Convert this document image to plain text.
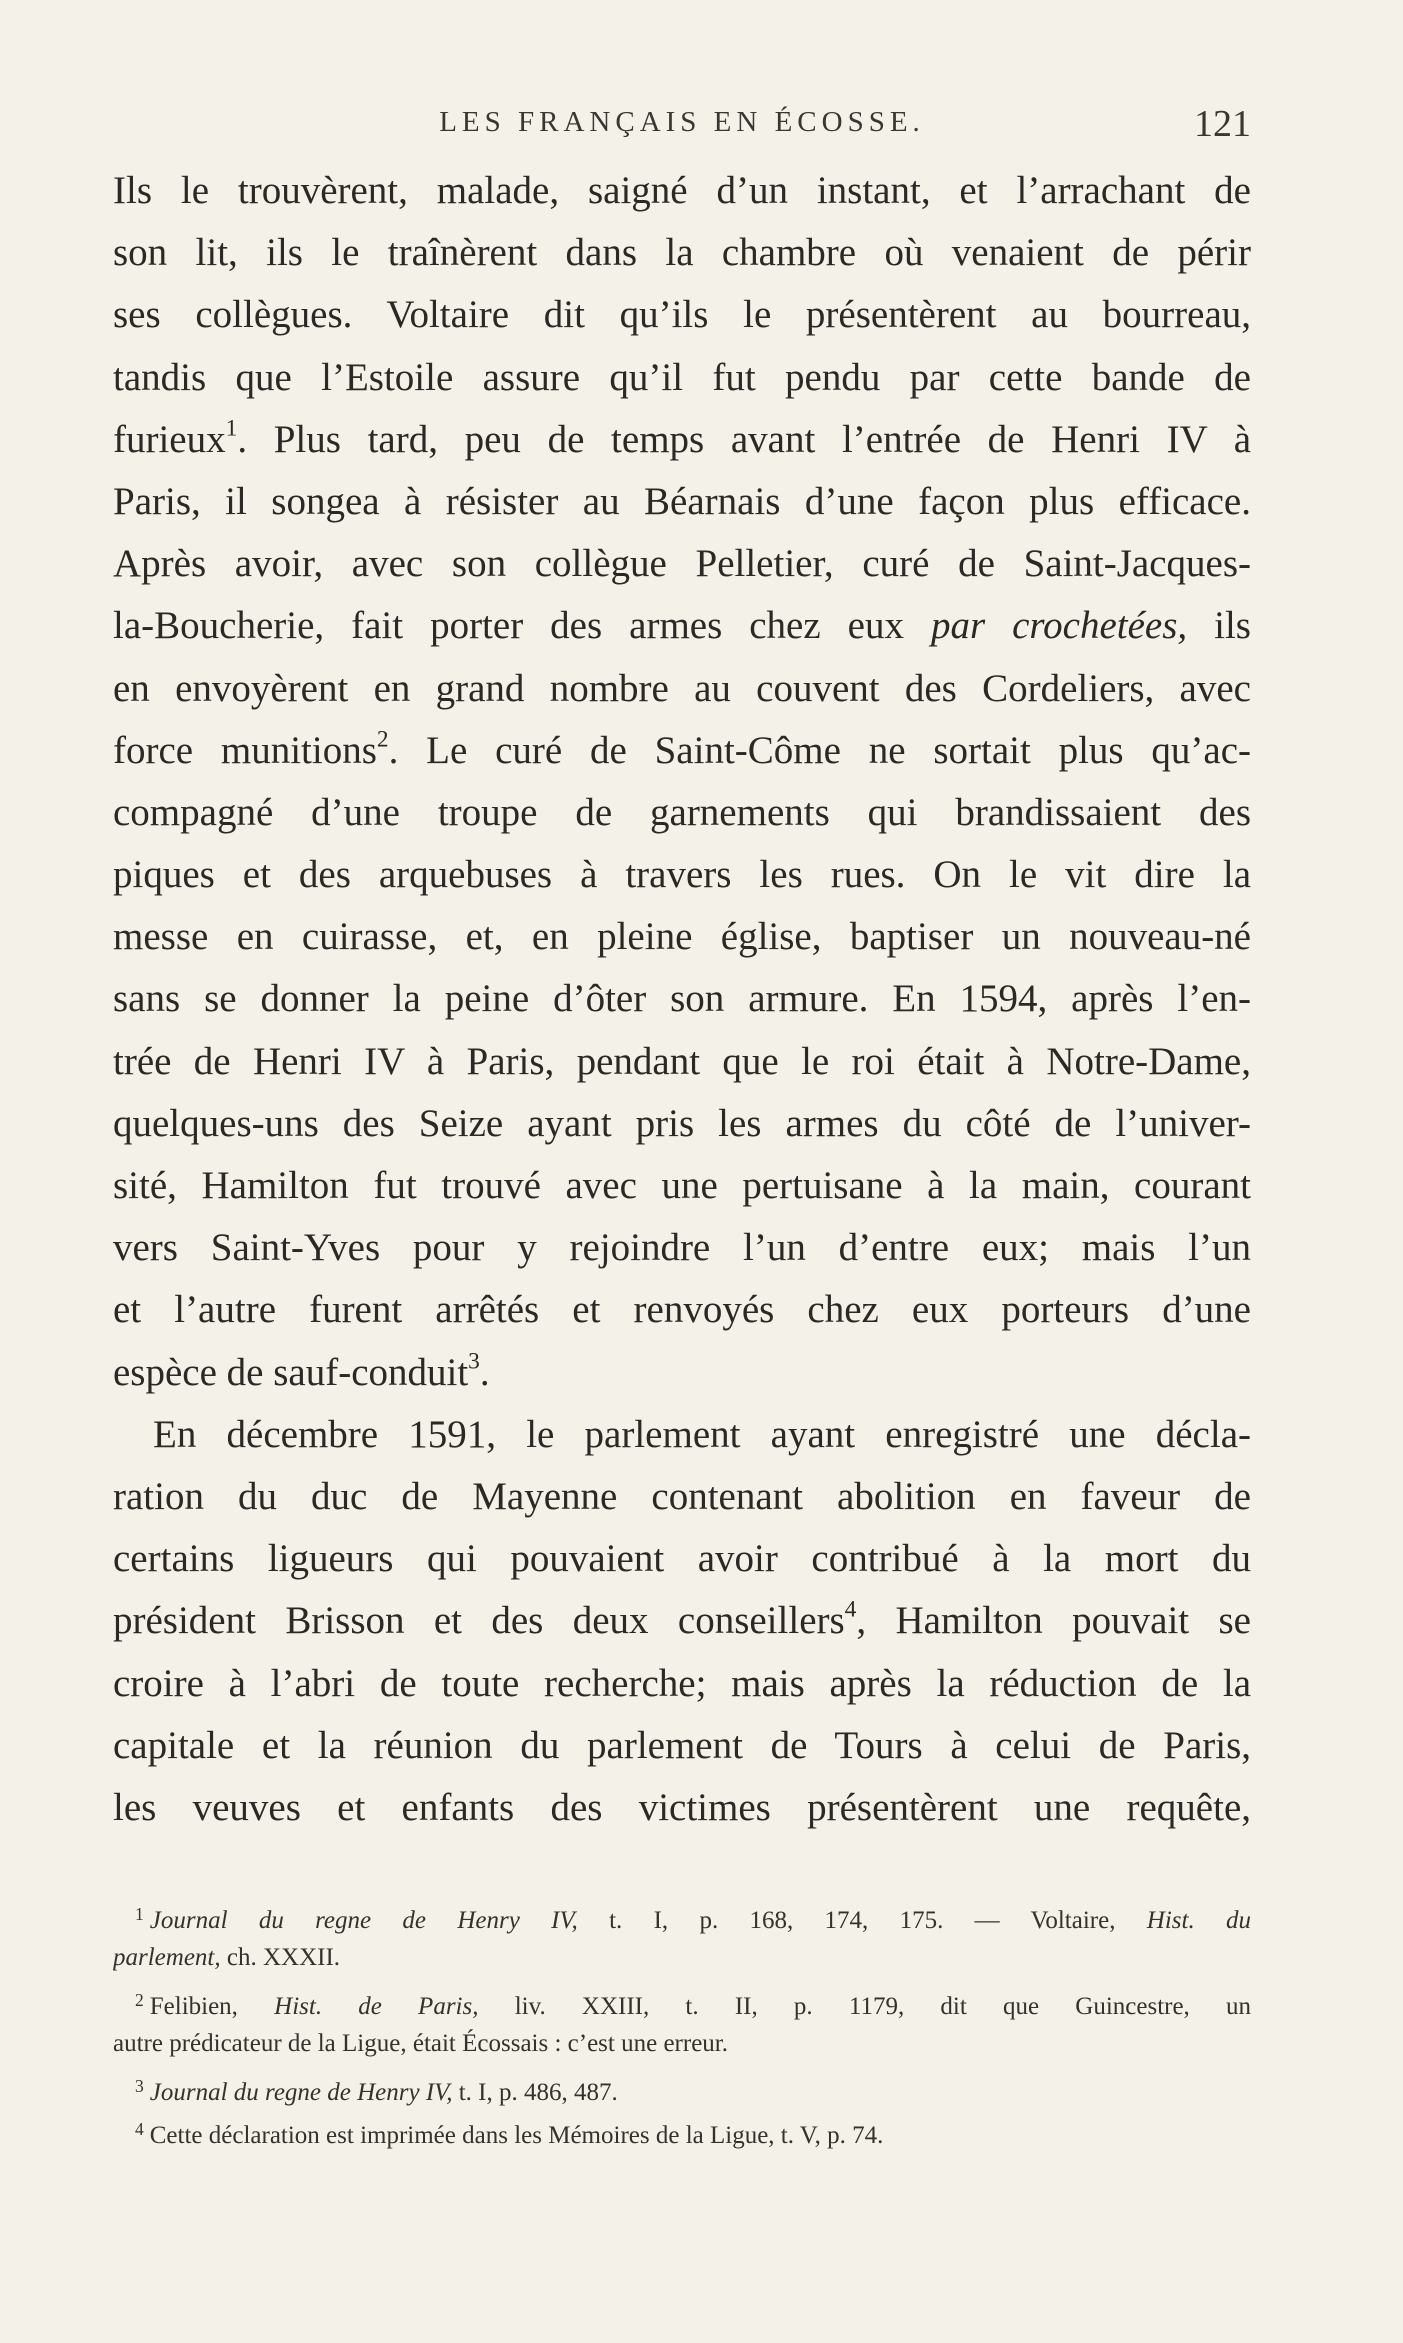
LES FRANÇAIS EN ÉCOSSE.	121
Ils le trouvèrent, malade, saigné d’un instant, et l’arrachant de
son lit, ils le traînèrent dans la chambre où venaient de périr
ses collègues. Voltaire dit qu’ils le présentèrent au bourreau,
tandis que l’Estoile assure qu’il fut pendu par cette bande de
furieux$^1$. Plus tard, peu de temps avant l’entrée de Henri IV à
Paris, il songea à résister au Béarnais d’une façon plus efficace.
Après avoir, avec son collègue Pelletier, curé de Saint-Jacques-
la-Boucherie, fait porter des armes chez eux par crochetées, ils
en envoyèrent en grand nombre au couvent des Cordeliers, avec
force munitions$^2$. Le curé de Saint-Côme ne sortait plus qu’ac-
compagné d’une troupe de garnements qui brandissaient des
piques et des arquebuses à travers les rues. On le vit dire la
messe en cuirasse, et, en pleine église, baptiser un nouveau-né
sans se donner la peine d’ôter son armure. En 1594, après l’en-
trée de Henri IV à Paris, pendant que le roi était à Notre-Dame,
quelques-uns des Seize ayant pris les armes du côté de l’univer-
sité, Hamilton fut trouvé avec une pertuisane à la main, courant
vers Saint-Yves pour y rejoindre l’un d’entre eux; mais l’un
et l’autre furent arrêtés et renvoyés chez eux porteurs d’une
espèce de sauf-conduit$^3$.
En décembre 1591, le parlement ayant enregistré une décla-
ration du duc de Mayenne contenant abolition en faveur de
certains ligueurs qui pouvaient avoir contribué à la mort du
président Brisson et des deux conseillers$^4$, Hamilton pouvait se
croire à l’abri de toute recherche; mais après la réduction de la
capitale et la réunion du parlement de Tours à celui de Paris,
les veuves et enfants des victimes présentèrent une requête,
$^1$ Journal du regne de Henry IV, t. I, p. 168, 174, 175. — Voltaire, Hist. du
parlement, ch. XXXII.
$^2$ Felibien, Hist. de Paris, liv. XXIII, t. II, p. 1179, dit que Guincestre, un
autre prédicateur de la Ligue, était Écossais : c’est une erreur.
$^3$ Journal du regne de Henry IV, t. I, p. 486, 487.
$^4$ Cette déclaration est imprimée dans les Mémoires de la Ligue, t. V, p. 74.
